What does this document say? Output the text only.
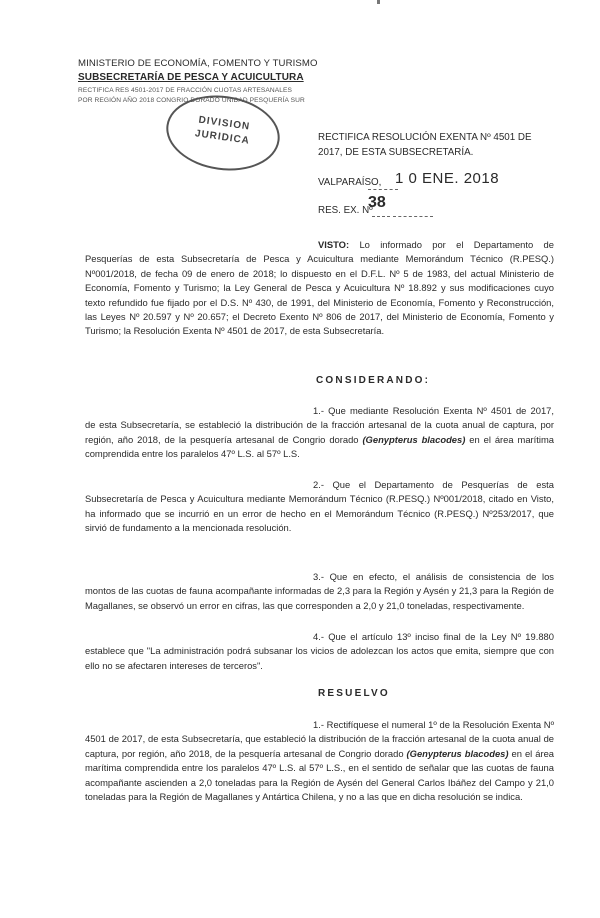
MINISTERIO DE ECONOMÍA, FOMENTO Y TURISMO
SUBSECRETARÍA DE PESCA Y ACUICULTURA
RECTIFICA RES 4501-2017 DE FRACCIÓN CUOTAS ARTESANALES
POR REGIÓN AÑO 2018 CONGRIO DORADO UNIDAD PESQUERÍA SUR
DIVISION
JURIDICA	RECTIFICA RESOLUCIÓN EXENTA Nº 4501 DE 2017, DE ESTA SUBSECRETARÍA.
VALPARAÍSO, 1 0 ENE. 2018
RES. EX. Nº
38
VISTO: Lo informado por el Departamento de Pesquerías de esta Subsecretaría de Pesca y Acuicultura mediante Memorándum Técnico (R.PESQ.) Nº001/2018, de fecha 09 de enero de 2018; lo dispuesto en el D.F.L. Nº 5 de 1983, del actual Ministerio de Economía, Fomento y Turismo; la Ley General de Pesca y Acuicultura Nº 18.892 y sus modificaciones cuyo texto refundido fue fijado por el D.S. Nº 430, de 1991, del Ministerio de Economía, Fomento y Reconstrucción, las Leyes Nº 20.597 y Nº 20.657; el Decreto Exento Nº 806 de 2017, del Ministerio de Economía, Fomento y Turismo; la Resolución Exenta Nº 4501 de 2017, de esta Subsecretaría.
CONSIDERANDO:
1.- Que mediante Resolución Exenta Nº 4501 de 2017, de esta Subsecretaría, se estableció la distribución de la fracción artesanal de la cuota anual de captura, por región, año 2018, de la pesquería artesanal de Congrio dorado (Genypterus blacodes) en el área marítima comprendida entre los paralelos 47º L.S. al 57º L.S.
2.- Que el Departamento de Pesquerías de esta Subsecretaría de Pesca y Acuicultura mediante Memorándum Técnico (R.PESQ.) Nº001/2018, citado en Visto, ha informado que se incurrió en un error de hecho en el Memorándum Técnico (R.PESQ.) Nº253/2017, que sirvió de fundamento a la mencionada resolución.
3.- Que en efecto, el análisis de consistencia de los montos de las cuotas de fauna acompañante informadas de 2,3 para la Región y Aysén y 21,3 para la Región de Magallanes, se observó un error en cifras, las que corresponden a 2,0 y 21,0 toneladas, respectivamente.
4.- Que el artículo 13º inciso final de la Ley Nº 19.880 establece que "La administración podrá subsanar los vicios de adolezcan los actos que emita, siempre que con ello no se afectaren intereses de terceros".
RESUELVO
1.- Rectifíquese el numeral 1º de la Resolución Exenta Nº 4501 de 2017, de esta Subsecretaría, que estableció la distribución de la fracción artesanal de la cuota anual de captura, por región, año 2018, de la pesquería artesanal de Congrio dorado (Genypterus blacodes) en el área marítima comprendida entre los paralelos 47º L.S. al 57º L.S., en el sentido de señalar que las cuotas de fauna acompañante ascienden a 2,0 toneladas para la Región de Aysén del General Carlos Ibáñez del Campo y 21,0 toneladas para la Región de Magallanes y Antártica Chilena, y no a las que en dicha resolución se indica.
